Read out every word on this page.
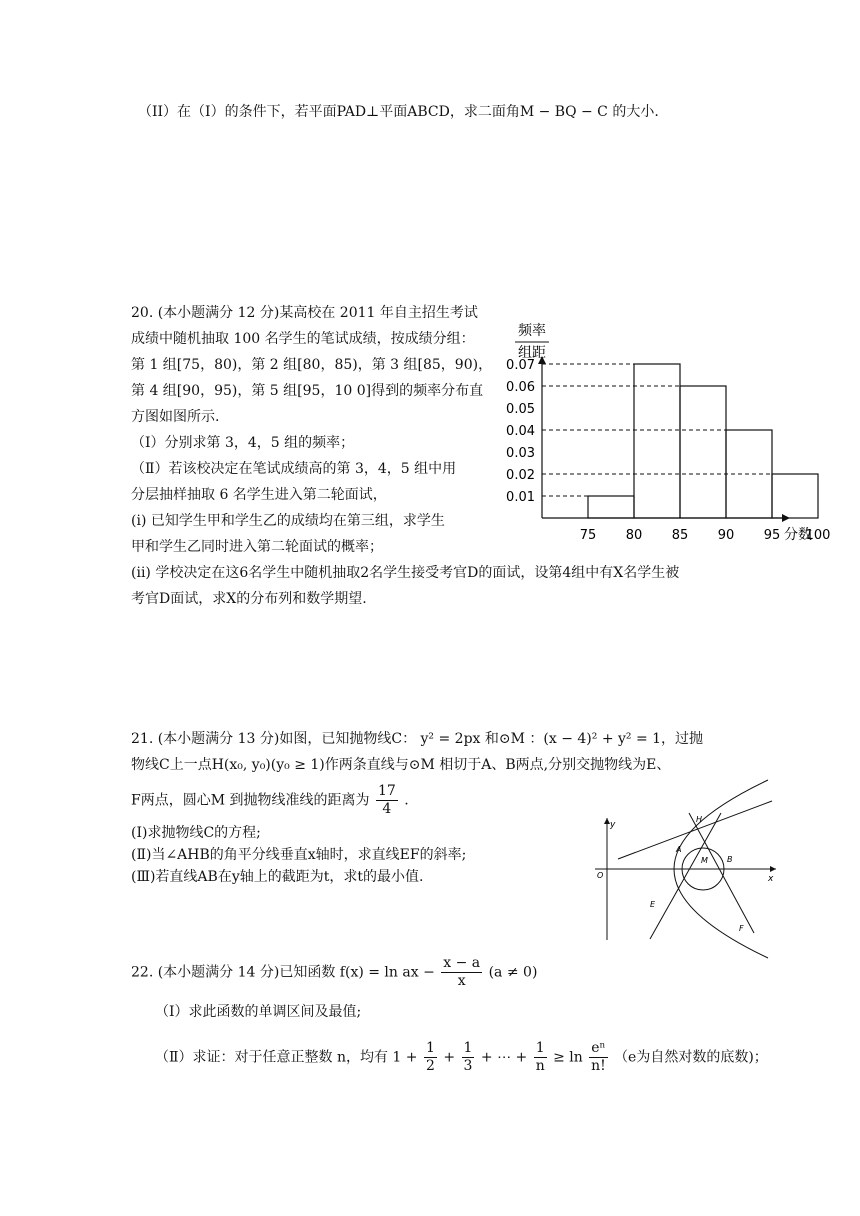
（II）在（I）的条件下，若平面PAD⊥平面ABCD，求二面角M − BQ − C 的大小.

20. (本小题满分 12 分)某高校在 2011 年自主招生考试

成绩中随机抽取 100 名学生的笔试成绩，按成绩分组：

第 1 组[75，80)，第 2 组[80，85)，第 3 组[85，90)，

第 4 组[90，95)，第 5 组[95，10 0]得到的频率分布直

方图如图所示.

（Ⅰ）分别求第 3，4，5 组的频率；

（Ⅱ）若该校决定在笔试成绩高的第 3，4，5 组中用

分层抽样抽取 6 名学生进入第二轮面试，

(ⅰ) 已知学生甲和学生乙的成绩均在第三组，求学生

甲和学生乙同时进入第二轮面试的概率；

(ⅱ) 学校决定在这6名学生中随机抽取2名学生接受考官D的面试，设第4组中有X名学生被

考官D面试，求X的分布列和数学期望.

0.07
0.06
0.05
0.04
0.03
0.02
0.01
75 80 85 90 95 100
频率
组距
分数

21. (本小题满分 13 分)如图，已知抛物线C： y² = 2px 和⊙M ：(x − 4)² + y² = 1，过抛

物线C上一点H(x₀, y₀)(y₀ ≥ 1)作两条直线与⊙M 相切于A、B两点,分别交抛物线为E、

F两点，圆心M 到抛物线准线的距离为 $\frac{17}{4}$ .

(Ⅰ)求抛物线C的方程;

(Ⅱ)当∠AHB的角平分线垂直x轴时，求直线EF的斜率;

(Ⅲ)若直线AB在y轴上的截距为t，求t的最小值.

y
x
O
H
A
M B
E
F
22. (本小题满分 14 分)已知函数 f(x) = ln ax − $\frac{x - a}{x} (a \ne 0)$

（Ⅰ）求此函数的单调区间及最值;

（Ⅱ）求证：对于任意正整数 n，均有 $1 + \frac{1}{2} + \frac{1}{3}$ + ⋯ + $\frac{1}{n} \ge \ln \frac{\text{eⁿ}}{n!} (e$为自然对数的底数)；
